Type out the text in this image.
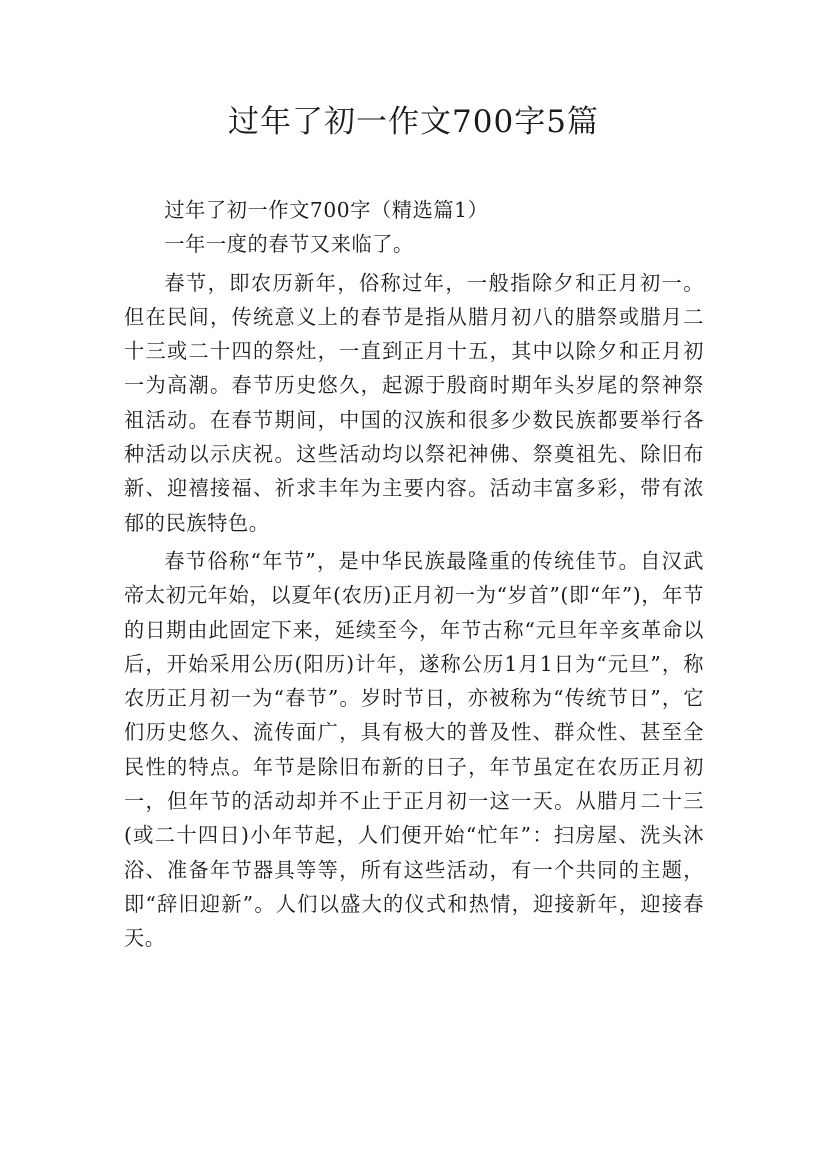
过年了初一作文700字5篇

过年了初一作文700字（精选篇1）

一年一度的春节又来临了。

春节，即农历新年，俗称过年，一般指除夕和正月初一。但在民间，传统意义上的春节是指从腊月初八的腊祭或腊月二十三或二十四的祭灶，一直到正月十五，其中以除夕和正月初一为高潮。春节历史悠久，起源于殷商时期年头岁尾的祭神祭祖活动。在春节期间，中国的汉族和很多少数民族都要举行各种活动以示庆祝。这些活动均以祭祀神佛、祭奠祖先、除旧布新、迎禧接福、祈求丰年为主要内容。活动丰富多彩，带有浓郁的民族特色。

春节俗称“年节”，是中华民族最隆重的传统佳节。自汉武帝太初元年始，以夏年(农历)正月初一为“岁首”(即“年”)，年节的日期由此固定下来，延续至今，年节古称“元旦年辛亥革命以后，开始采用公历(阳历)计年，遂称公历1月1日为“元旦”，称农历正月初一为“春节”。岁时节日，亦被称为“传统节日”，它们历史悠久、流传面广，具有极大的普及性、群众性、甚至全民性的特点。年节是除旧布新的日子，年节虽定在农历正月初一，但年节的活动却并不止于正月初一这一天。从腊月二十三(或二十四日)小年节起，人们便开始“忙年”：扫房屋、洗头沐浴、准备年节器具等等，所有这些活动，有一个共同的主题，即“辞旧迎新”。人们以盛大的仪式和热情，迎接新年，迎接春天。
